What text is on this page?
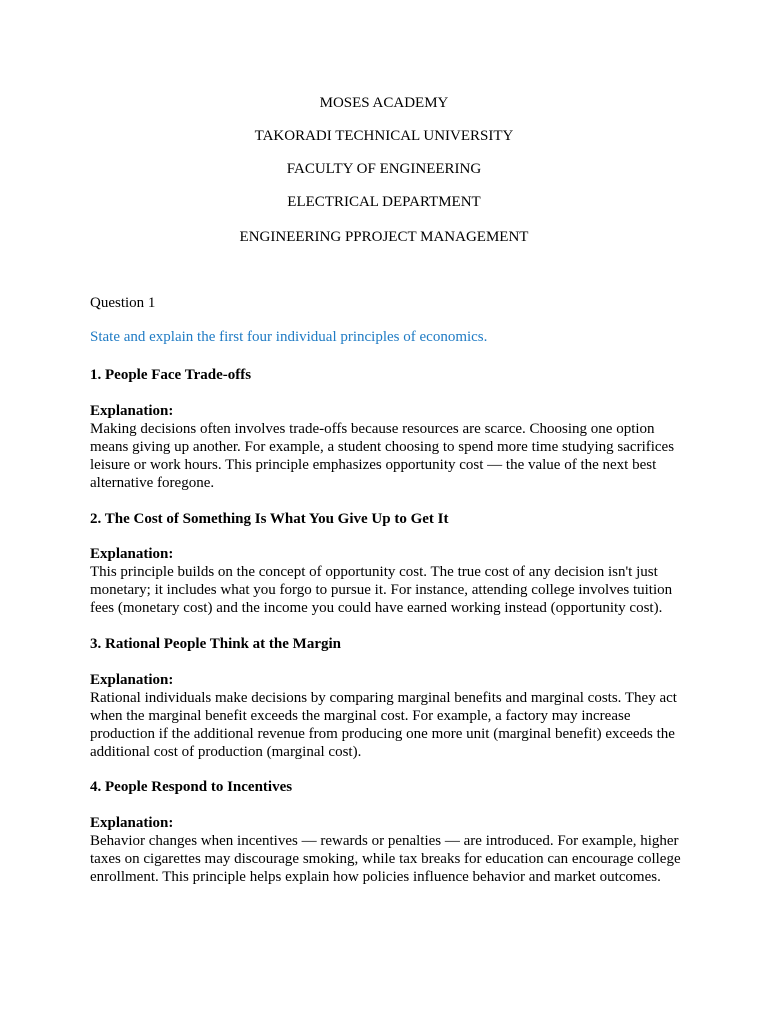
MOSES ACADEMY
TAKORADI TECHNICAL UNIVERSITY
FACULTY OF ENGINEERING
ELECTRICAL DEPARTMENT
ENGINEERING PPROJECT MANAGEMENT
Question 1
State and explain the first four individual principles of economics.
1. People Face Trade-offs
Explanation:
Making decisions often involves trade-offs because resources are scarce. Choosing one option means giving up another. For example, a student choosing to spend more time studying sacrifices leisure or work hours. This principle emphasizes opportunity cost — the value of the next best alternative foregone.
2. The Cost of Something Is What You Give Up to Get It
Explanation:
This principle builds on the concept of opportunity cost. The true cost of any decision isn't just monetary; it includes what you forgo to pursue it. For instance, attending college involves tuition fees (monetary cost) and the income you could have earned working instead (opportunity cost).
3. Rational People Think at the Margin
Explanation:
Rational individuals make decisions by comparing marginal benefits and marginal costs. They act when the marginal benefit exceeds the marginal cost. For example, a factory may increase production if the additional revenue from producing one more unit (marginal benefit) exceeds the additional cost of production (marginal cost).
4. People Respond to Incentives
Explanation:
Behavior changes when incentives — rewards or penalties — are introduced. For example, higher taxes on cigarettes may discourage smoking, while tax breaks for education can encourage college enrollment. This principle helps explain how policies influence behavior and market outcomes.
